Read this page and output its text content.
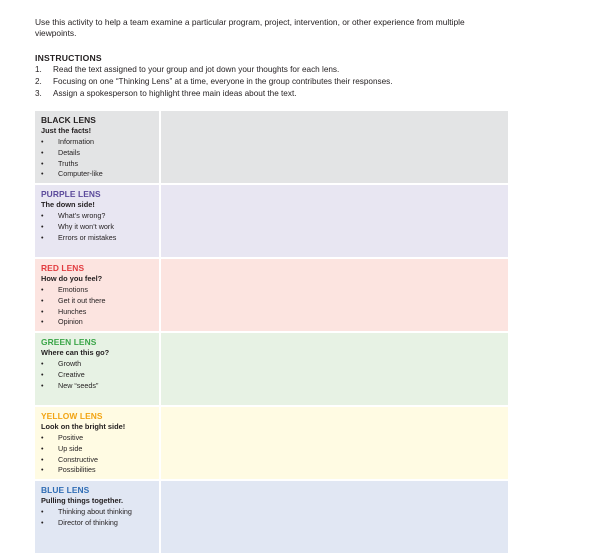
Use this activity to help a team examine a particular program, project, intervention, or other experience from multiple viewpoints.
INSTRUCTIONS
1.	Read the text assigned to your group and jot down your thoughts for each lens.
2.	Focusing on one “Thinking Lens” at a time, everyone in the group contributes their responses.
3.	Assign a spokesperson to highlight three main ideas about the text.
BLACK LENS
Just the facts!
•	Information
•	Details
•	Truths
•	Computer-like
PURPLE LENS
The down side!
•	What’s wrong?
•	Why it won’t work
•	Errors or mistakes
RED LENS
How do you feel?
•	Emotions
•	Get it out there
•	Hunches
•	Opinion
GREEN LENS
Where can this go?
•	Growth
•	Creative
•	New “seeds”
YELLOW LENS
Look on the bright side!
•	Positive
•	Up side
•	Constructive
•	Possibilities
BLUE LENS
Pulling things together.
•	Thinking about thinking
•	Director of thinking
